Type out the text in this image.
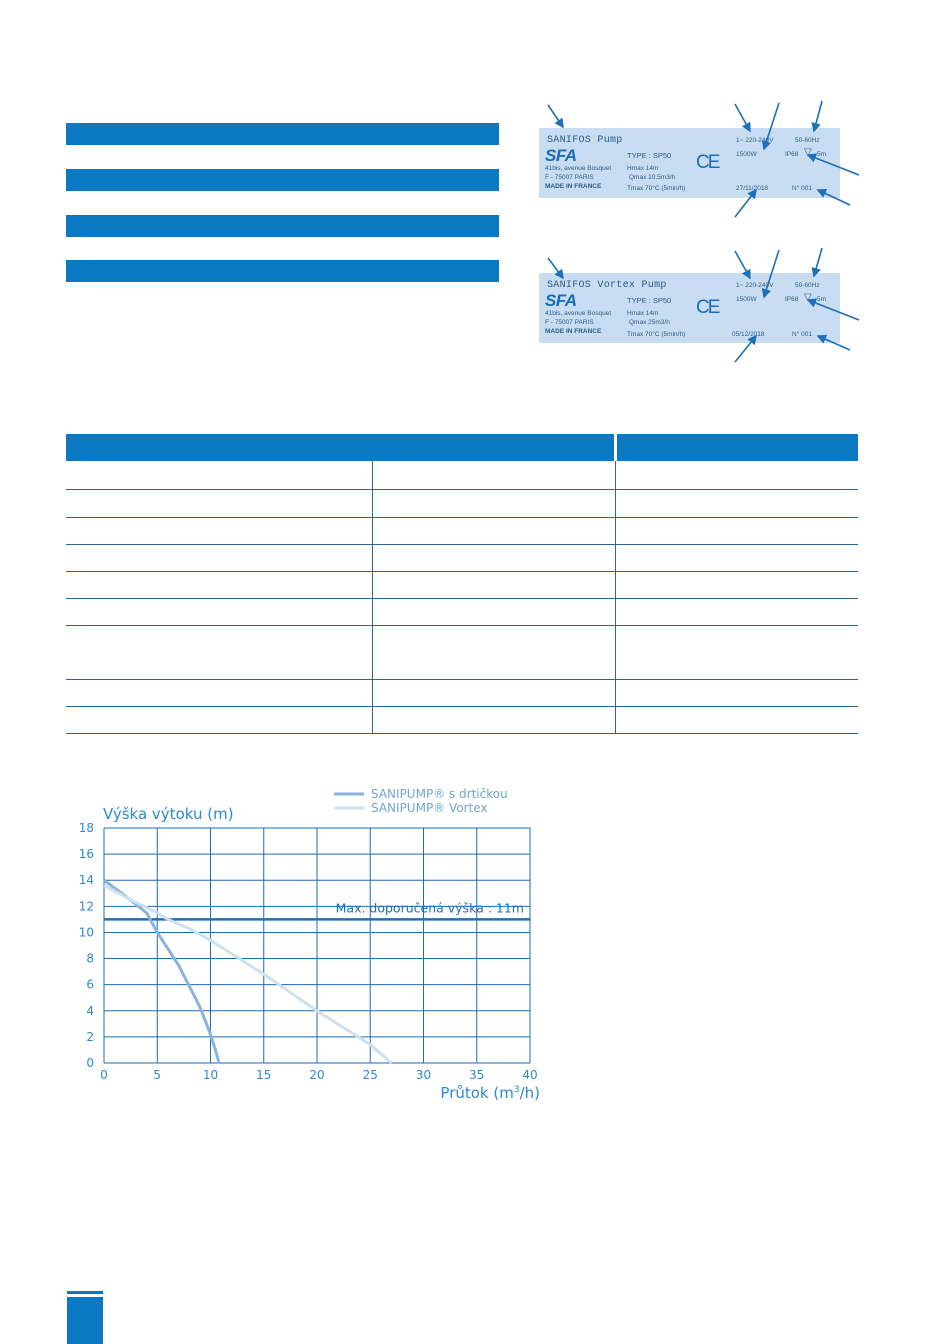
SANIFOS Pump
SFA
41bis, avenue Bosquet
F - 75007 PARIS
MADE IN FRANCE
TYPE : SP50
Hmax 14m
Qmax 10.5m3/h
Tmax 70°C (5min/h)
CE
1~ 220-240V	50-60Hz
1500W	IP68 ▽ 5m
27/11/2018	N° 001
SANIFOS Vortex Pump
SFA
41bis, avenue Bosquet
F - 75007 PARIS
MADE IN FRANCE
TYPE : SP50
Hmax 14m
Qmax 25m3/h
Tmax 70°C (5min/h)
CE
1~ 220-240V	50-60Hz
1500W	IP68 ▽ 5m
05/12/2018	N° 001
Výška výtoku (m)
SANIPUMP® s drtičkou
SANIPUMP® Vortex
Max. doporučená výška : 11m
0	5	10	15	20	25	30	35	40
0
2
4
6
8
10
12
14
16
18
Průtok $(m^3/h)$
